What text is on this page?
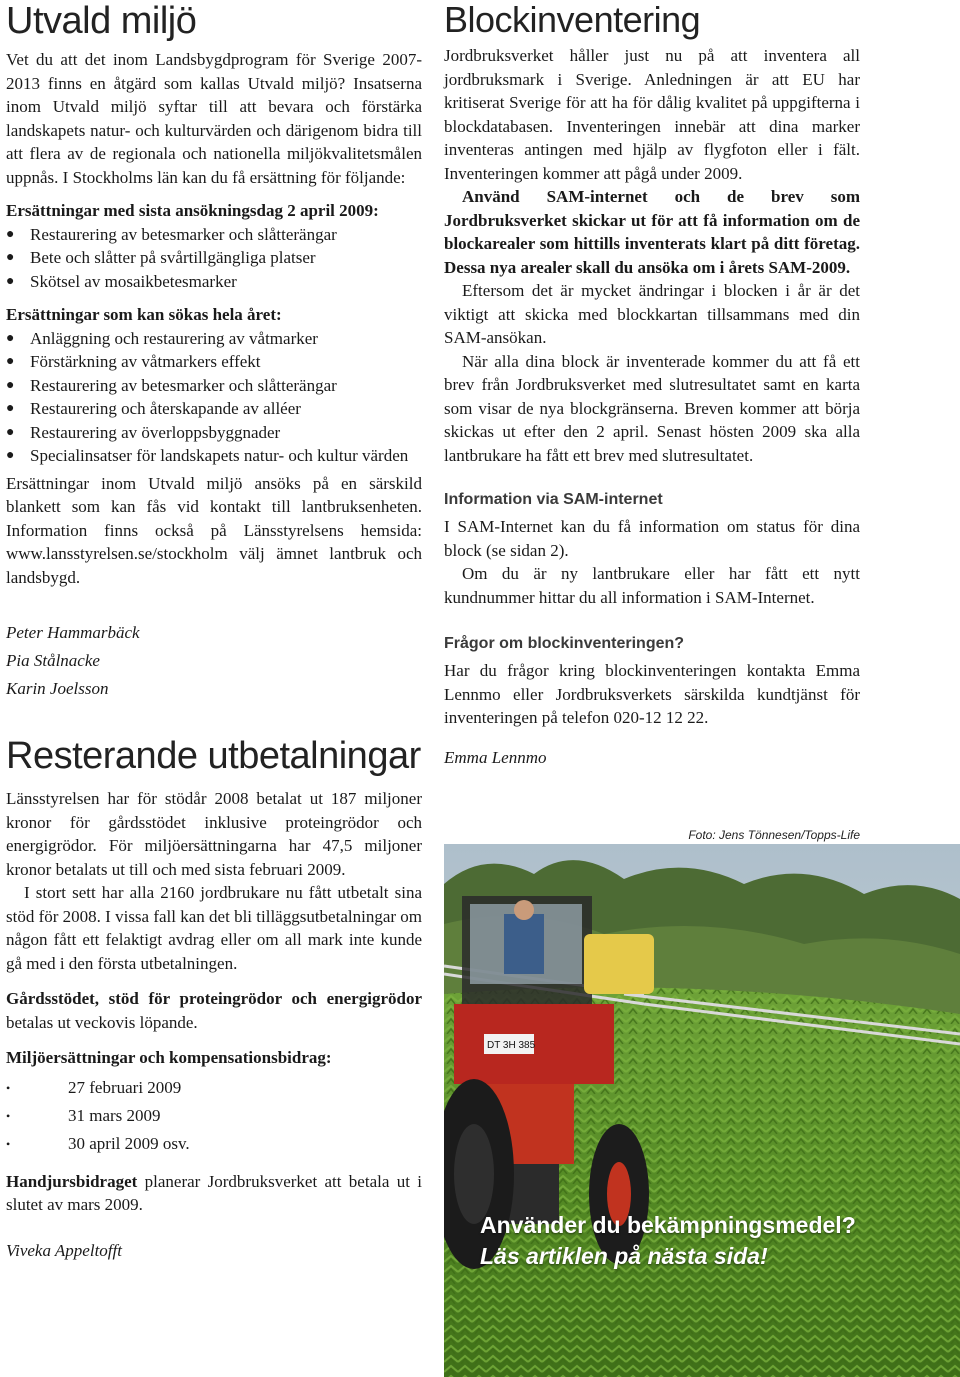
Utvald miljö

Vet du att det inom Landsbygdprogram för Sverige 2007-2013 finns en åtgärd som kallas Utvald miljö? Insatserna inom Utvald miljö syftar till att bevara och förstärka landskapets natur- och kulturvärden och därigenom bidra till att flera av de regionala och nationella miljökvalitetsmålen uppnås. I Stockholms län kan du få ersättning för följande:

Ersättningar med sista ansökningsdag 2 april 2009:

● Restaurering av betesmarker och slåtterängar
● Bete och slåtter på svårtillgängliga platser
● Skötsel av mosaikbetesmarker

Ersättningar som kan sökas hela året:

● Anläggning och restaurering av våtmarker
● Förstärkning av våtmarkers effekt
● Restaurering av betesmarker och slåtterängar
● Restaurering och återskapande av alléer
● Restaurering av överloppsbyggnader
● Specialinsatser för landskapets natur- och kultur värden

Ersättningar inom Utvald miljö ansöks på en särskild blankett som kan fås vid kontakt till lantbruksenheten. Information finns också på Länsstyrelsens hemsida: www.lansstyrelsen.se/stockholm välj ämnet lantbruk och landsbygd.

Peter Hammarbäck
Pia Stålnacke
Karin Joelsson
Resterande utbetalningar

Länsstyrelsen har för stödår 2008 betalat ut 187 miljoner kronor för gårdsstödet inklusive proteingrödor och energigrödor. För miljöersättningarna har 47,5 miljoner kronor betalats ut till och med sista februari 2009.

I stort sett har alla 2160 jordbrukare nu fått utbetalt sina stöd för 2008. I vissa fall kan det bli tilläggsutbetalningar om någon fått ett felaktigt avdrag eller om all mark inte kunde gå med i den första utbetalningen.

Gårdsstödet, stöd för proteingrödor och energigrödor betalas ut veckovis löpande.

Miljöersättningar och kompensationsbidrag:

•	27 februari 2009
•	31 mars 2009
•	30 april 2009 osv.

Handjursbidraget planerar Jordbruksverket att betala ut i slutet av mars 2009.

Viveka Appeltofft
Blockinventering

Jordbruksverket håller just nu på att inventera all jordbruksmark i Sverige. Anledningen är att EU har kritiserat Sverige för att ha för dålig kvalitet på uppgifterna i blockdatabasen. Inventeringen innebär att dina marker inventeras antingen med hjälp av flygfoton eller i fält. Inventeringen kommer att pågå under 2009.

Använd SAM-internet och de brev som Jordbruksverket skickar ut för att få information om de blockarealer som hittills inventerats klart på ditt företag. Dessa nya arealer skall du ansöka om i årets SAM-2009.

Eftersom det är mycket ändringar i blocken i år är det viktigt att skicka med blockkartan tillsammans med din SAM-ansökan.

När alla dina block är inventerade kommer du att få ett brev från Jordbruksverket med slutresultatet samt en karta som visar de nya blockgränserna. Breven kommer att börja skickas ut efter den 2 april. Senast hösten 2009 ska alla lantbrukare ha fått ett brev med slutresultatet.

Information via SAM-internet

I SAM-Internet kan du få information om status för dina block (se sidan 2).

Om du är ny lantbrukare eller har fått ett nytt kundnummer hittar du all information i SAM-Internet.

Frågor om blockinventeringen?

Har du frågor kring blockinventeringen kontakta Emma Lennmo eller Jordbruksverkets särskilda kundtjänst för inventeringen på telefon 020-12 12 22.

Emma Lennmo
Foto: Jens Tönnesen/Topps-Life
DT 3H 385
Använder du bekämpningsmedel?
Läs artiklen på nästa sida!
